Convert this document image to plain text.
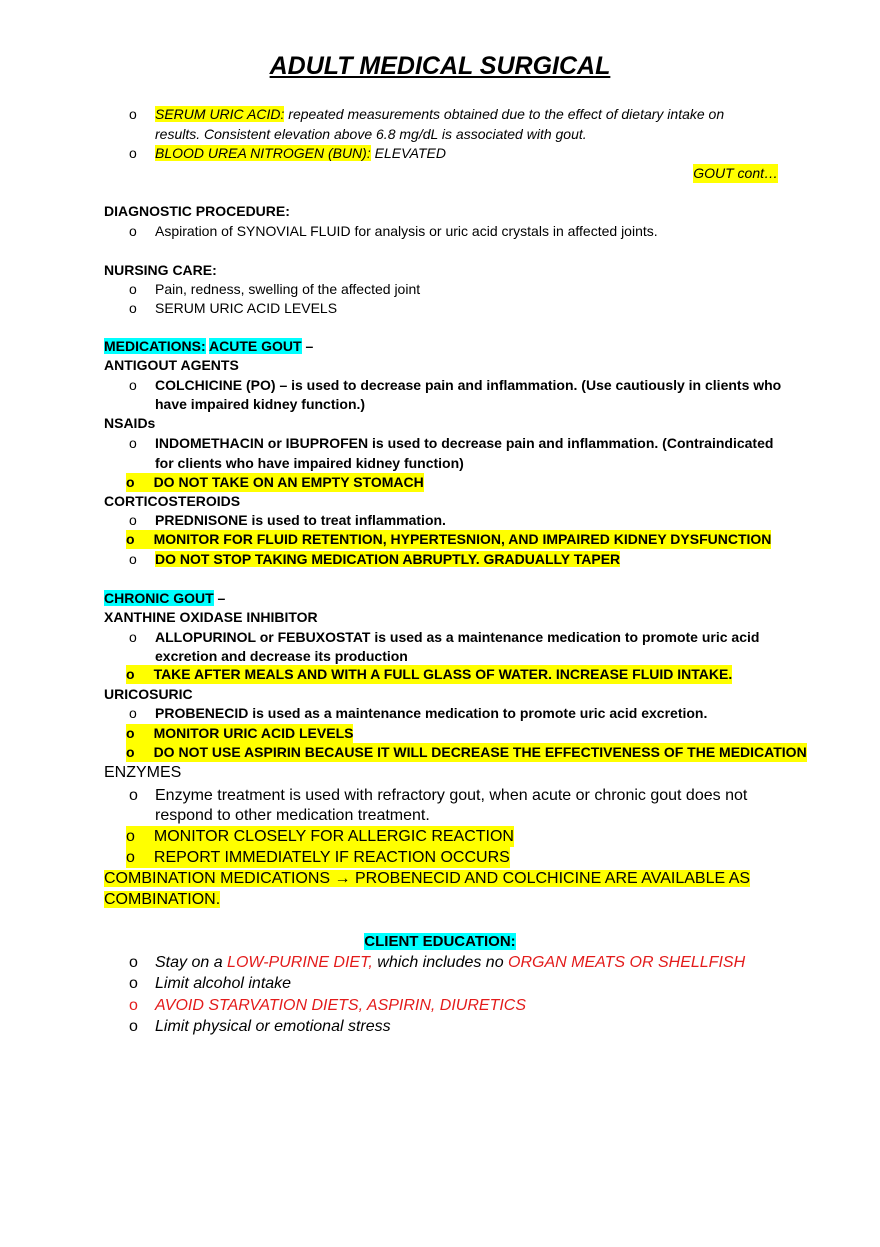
ADULT MEDICAL SURGICAL
o SERUM URIC ACID: repeated measurements obtained due to the effect of dietary intake on
results. Consistent elevation above 6.8 mg/dL is associated with gout.
o BLOOD UREA NITROGEN (BUN): ELEVATED
GOUT cont…
DIAGNOSTIC PROCEDURE:
o Aspiration of SYNOVIAL FLUID for analysis or uric acid crystals in affected joints.
NURSING CARE:
o Pain, redness, swelling of the affected joint
o SERUM URIC ACID LEVELS
MEDICATIONS: ACUTE GOUT –
ANTIGOUT AGENTS
o COLCHICINE (PO) – is used to decrease pain and inflammation. (Use cautiously in clients who
have impaired kidney function.)
NSAIDs
o INDOMETHACIN or IBUPROFEN is used to decrease pain and inflammation. (Contraindicated
for clients who have impaired kidney function)
o DO NOT TAKE ON AN EMPTY STOMACH
CORTICOSTEROIDS
o PREDNISONE is used to treat inflammation.
o MONITOR FOR FLUID RETENTION, HYPERTESNION, AND IMPAIRED KIDNEY DYSFUNCTION
o DO NOT STOP TAKING MEDICATION ABRUPTLY. GRADUALLY TAPER
CHRONIC GOUT –
XANTHINE OXIDASE INHIBITOR
o ALLOPURINOL or FEBUXOSTAT is used as a maintenance medication to promote uric acid
excretion and decrease its production
o TAKE AFTER MEALS AND WITH A FULL GLASS OF WATER. INCREASE FLUID INTAKE.
URICOSURIC
o PROBENECID is used as a maintenance medication to promote uric acid excretion.
o MONITOR URIC ACID LEVELS
o DO NOT USE ASPIRIN BECAUSE IT WILL DECREASE THE EFFECTIVENESS OF THE MEDICATION
ENZYMES
o Enzyme treatment is used with refractory gout, when acute or chronic gout does not
respond to other medication treatment.
o MONITOR CLOSELY FOR ALLERGIC REACTION
o REPORT IMMEDIATELY IF REACTION OCCURS
COMBINATION MEDICATIONS → PROBENECID AND COLCHICINE ARE AVAILABLE AS
COMBINATION.
CLIENT EDUCATION:
o Stay on a LOW-PURINE DIET, which includes no ORGAN MEATS OR SHELLFISH
o Limit alcohol intake
o AVOID STARVATION DIETS, ASPIRIN, DIURETICS
o Limit physical or emotional stress
